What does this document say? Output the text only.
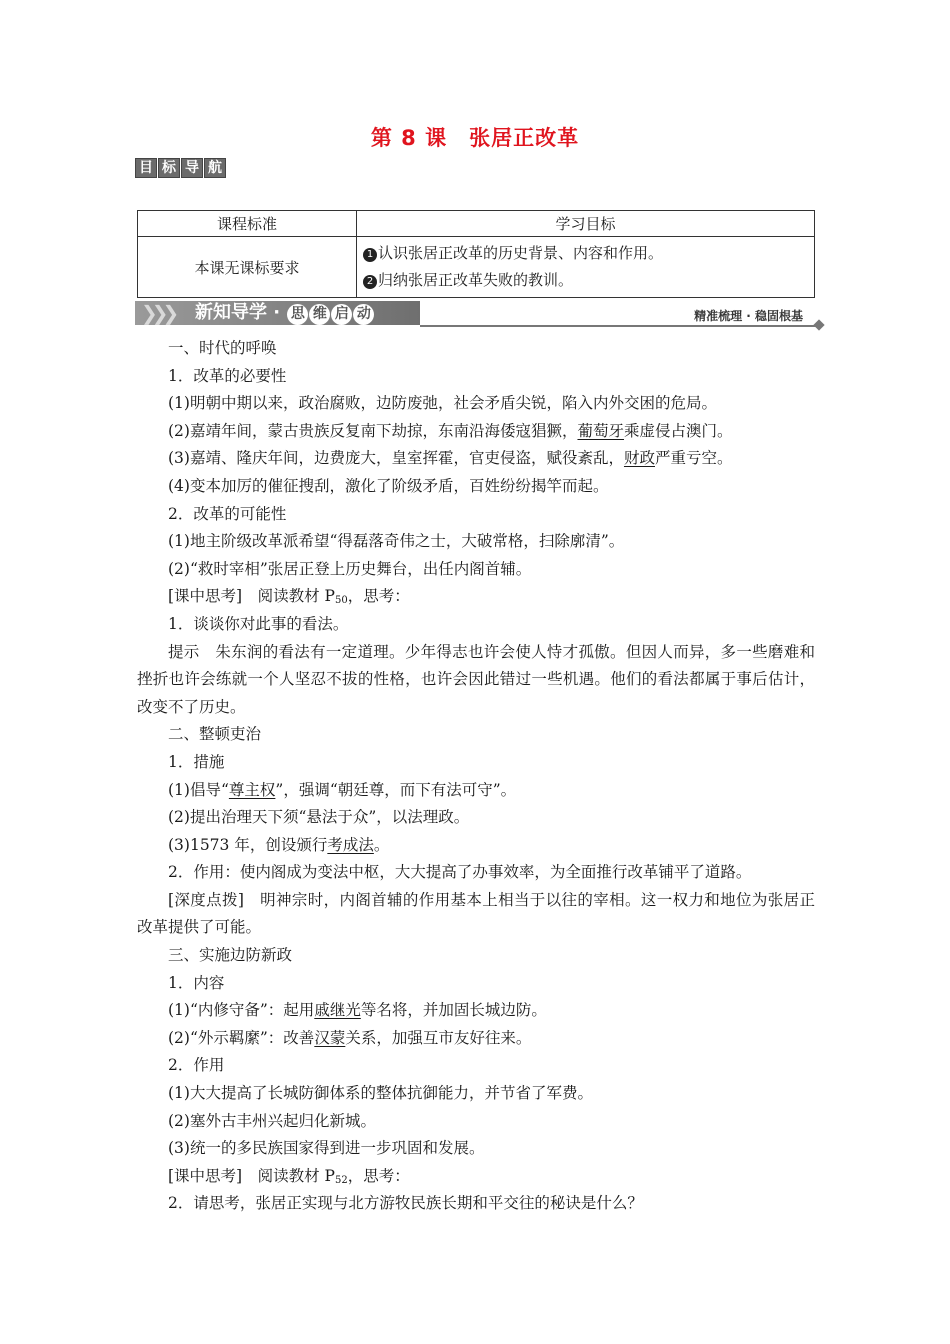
第 8 课　张居正改革
目 标 导 航
课程标准	学习目标
本课无课标要求	1 认识张居正改革的历史背景、内容和作用。
2 归纳张居正改革失败的教训。
❯❯❯ 新知导学 · 思 维 启 动	精准梳理 · 稳固根基

一、时代的呼唤

1．改革的必要性

(1)明朝中期以来，政治腐败，边防废弛，社会矛盾尖锐，陷入内外交困的危局。

(2)嘉靖年间，蒙古贵族反复南下劫掠，东南沿海倭寇猖獗，葡萄牙乘虚侵占澳门。

(3)嘉靖、隆庆年间，边费庞大，皇室挥霍，官吏侵盗，赋役紊乱，财政严重亏空。

(4)变本加厉的催征搜刮，激化了阶级矛盾，百姓纷纷揭竿而起。

2．改革的可能性

(1)地主阶级改革派希望“得磊落奇伟之士，大破常格，扫除廓清”。

(2)“救时宰相”张居正登上历史舞台，出任内阁首辅。

[课中思考]　阅读教材 $P_{50}$，思考：

1．谈谈你对此事的看法。

提示　朱东润的看法有一定道理。少年得志也许会使人恃才孤傲。但因人而异，多一些磨难和挫折也许会练就一个人坚忍不拔的性格，也许会因此错过一些机遇。他们的看法都属于事后估计，改变不了历史。

二、整顿吏治

1．措施

(1)倡导“尊主权”，强调“朝廷尊，而下有法可守”。

(2)提出治理天下须“悬法于众”，以法理政。

(3)1573 年，创设颁行考成法。

2．作用：使内阁成为变法中枢，大大提高了办事效率，为全面推行改革铺平了道路。

[深度点拨]　明神宗时，内阁首辅的作用基本上相当于以往的宰相。这一权力和地位为张居正改革提供了可能。

三、实施边防新政

1．内容

(1)“内修守备”：起用戚继光等名将，并加固长城边防。

(2)“外示羁縻”：改善汉蒙关系，加强互市友好往来。

2．作用

(1)大大提高了长城防御体系的整体抗御能力，并节省了军费。

(2)塞外古丰州兴起归化新城。

(3)统一的多民族国家得到进一步巩固和发展。

[课中思考]　阅读教材 $P_{52}$，思考：

2．请思考，张居正实现与北方游牧民族长期和平交往的秘诀是什么？
